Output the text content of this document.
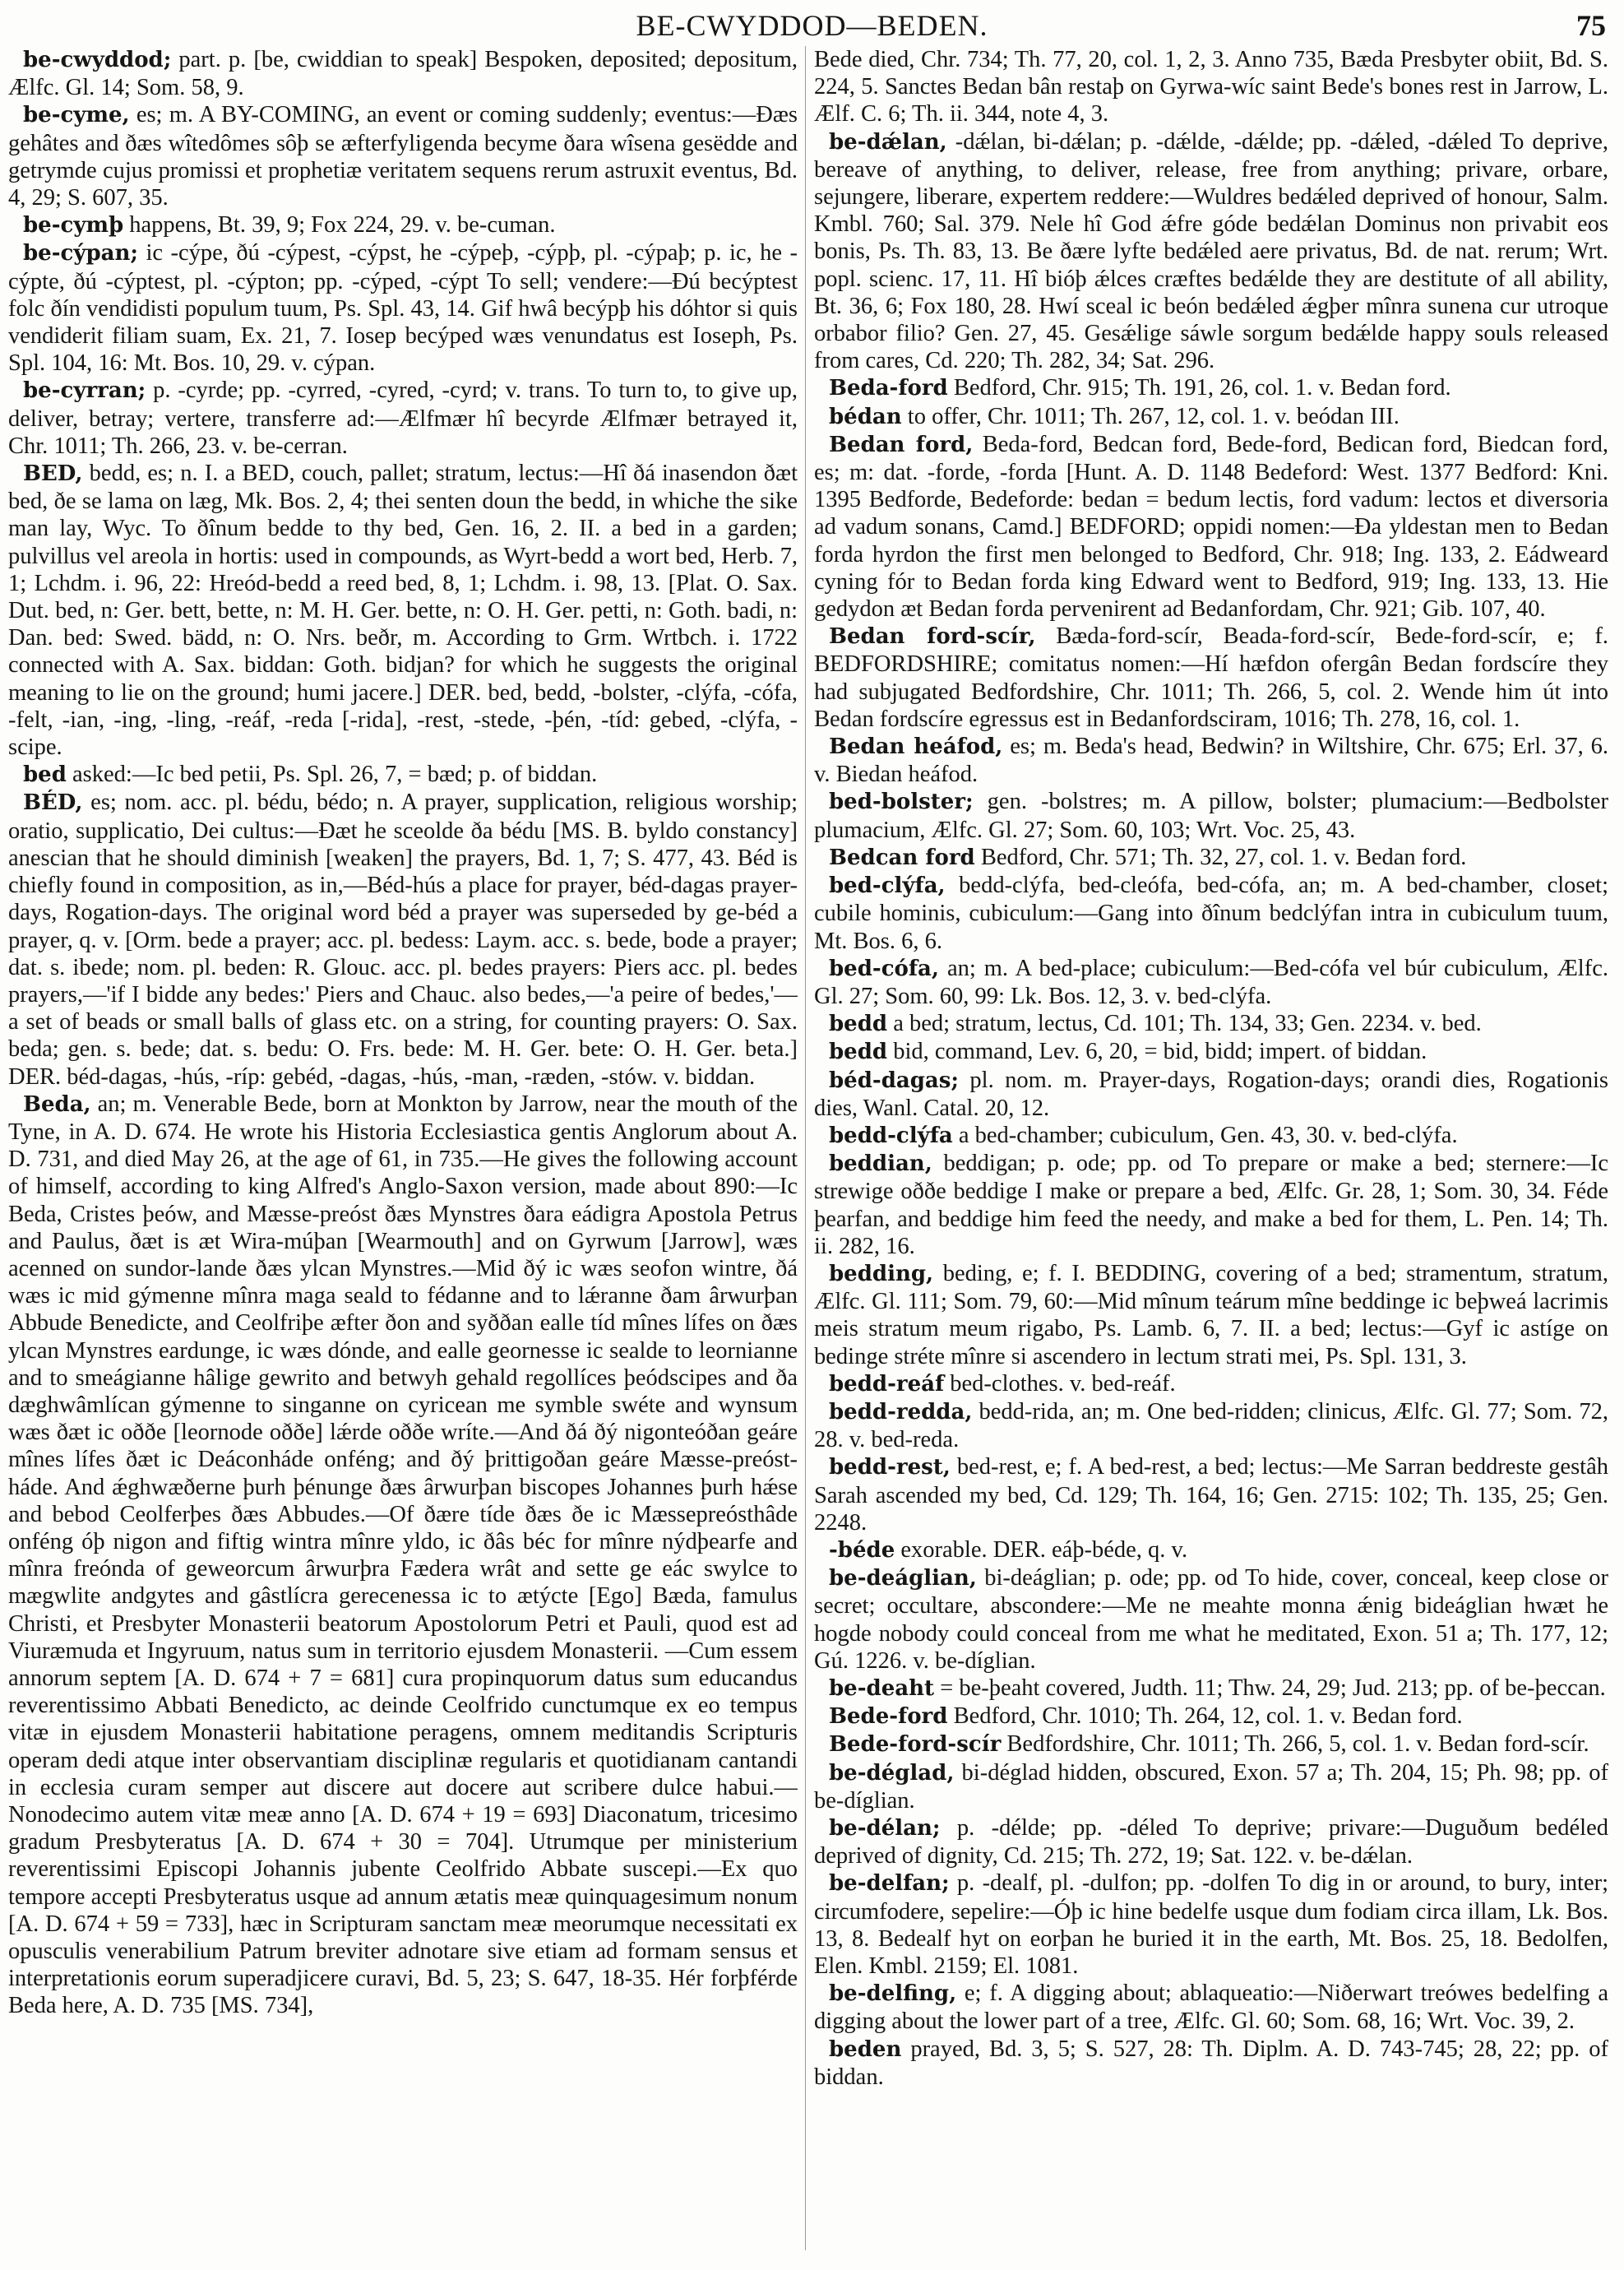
BE-CWYDDOD—BEDEN.	75

be-cwyddod; part. p. [be, cwiddian to speak] Bespoken, deposited; depositum, Ælfc. Gl. 14; Som. 58, 9.

be-cyme, es; m. A BY-COMING, an event or coming suddenly; eventus:—Ðæs gehâtes and ðæs wîtedômes sôþ se æfterfyligenda becyme ðara wîsena gesëdde and getrymde cujus promissi et prophetiæ veritatem sequens rerum astruxit eventus, Bd. 4, 29; S. 607, 35.

be-cymþ happens, Bt. 39, 9; Fox 224, 29. v. be-cuman.

be-cýpan; ic -cýpe, ðú -cýpest, -cýpst, he -cýpeþ, -cýpþ, pl. -cýpaþ; p. ic, he -cýpte, ðú -cýptest, pl. -cýpton; pp. -cýped, -cýpt To sell; vendere:—Ðú becýptest folc ðín vendidisti populum tuum, Ps. Spl. 43, 14. Gif hwâ becýpþ his dóhtor si quis vendiderit filiam suam, Ex. 21, 7. Iosep becýped wæs venundatus est Ioseph, Ps. Spl. 104, 16: Mt. Bos. 10, 29. v. cýpan.

be-cyrran; p. -cyrde; pp. -cyrred, -cyred, -cyrd; v. trans. To turn to, to give up, deliver, betray; vertere, transferre ad:—Ælfmær hî becyrde Ælfmær betrayed it, Chr. 1011; Th. 266, 23. v. be-cerran.

BED, bedd, es; n. I. a BED, couch, pallet; stratum, lectus:—Hî ðá inasendon ðæt bed, ðe se lama on læg, Mk. Bos. 2, 4; thei senten doun the bedd, in whiche the sike man lay, Wyc. To ðînum bedde to thy bed, Gen. 16, 2. II. a bed in a garden; pulvillus vel areola in hortis: used in compounds, as Wyrt-bedd a wort bed, Herb. 7, 1; Lchdm. i. 96, 22: Hreód-bedd a reed bed, 8, 1; Lchdm. i. 98, 13. [Plat. O. Sax. Dut. bed, n: Ger. bett, bette, n: M. H. Ger. bette, n: O. H. Ger. petti, n: Goth. badi, n: Dan. bed: Swed. bädd, n: O. Nrs. beðr, m. According to Grm. Wrtbch. i. 1722 connected with A. Sax. biddan: Goth. bidjan? for which he suggests the original meaning to lie on the ground; humi jacere.] DER. bed, bedd, -bolster, -clýfa, -cófa, -felt, -ian, -ing, -ling, -reáf, -reda [-rida], -rest, -stede, -þén, -tíd: gebed, -clýfa, -scipe.

bed asked:—Ic bed petii, Ps. Spl. 26, 7, = bæd; p. of biddan.

BÉD, es; nom. acc. pl. bédu, bédo; n. A prayer, supplication, religious worship; oratio, supplicatio, Dei cultus:—Ðæt he sceolde ða bédu [MS. B. byldo constancy] anescian that he should diminish [weaken] the prayers, Bd. 1, 7; S. 477, 43. Béd is chiefly found in composition, as in,—Béd-hús a place for prayer, béd-dagas prayer-days, Rogation-days. The original word béd a prayer was superseded by ge-béd a prayer, q. v. [Orm. bede a prayer; acc. pl. bedess: Laym. acc. s. bede, bode a prayer; dat. s. ibede; nom. pl. beden: R. Glouc. acc. pl. bedes prayers: Piers acc. pl. bedes prayers,—'if I bidde any bedes:' Piers and Chauc. also bedes,—'a peire of bedes,'—a set of beads or small balls of glass etc. on a string, for counting prayers: O. Sax. beda; gen. s. bede; dat. s. bedu: O. Frs. bede: M. H. Ger. bete: O. H. Ger. beta.] DER. béd-dagas, -hús, -ríp: gebéd, -dagas, -hús, -man, -ræden, -stów. v. biddan.

Beda, an; m. Venerable Bede, born at Monkton by Jarrow, near the mouth of the Tyne, in A. D. 674. He wrote his Historia Ecclesiastica gentis Anglorum about A. D. 731, and died May 26, at the age of 61, in 735.—He gives the following account of himself, according to king Alfred's Anglo-Saxon version, made about 890:—Ic Beda, Cristes þeów, and Mæsse-preóst ðæs Mynstres ðara eádigra Apostola Petrus and Paulus, ðæt is æt Wira-múþan [Wearmouth] and on Gyrwum [Jarrow], wæs acenned on sundor-lande ðæs ylcan Mynstres.—Mid ðý ic wæs seofon wintre, ðá wæs ic mid gýmenne mînra maga seald to fédanne and to lǽranne ðam ârwurþan Abbude Benedicte, and Ceolfriþe æfter ðon and syððan ealle tíd mînes lífes on ðæs ylcan Mynstres eardunge, ic wæs dónde, and ealle geornesse ic sealde to leornianne and to smeágianne hâlige gewrito and betwyh gehald regollíces þeódscipes and ða dæghwâmlícan gýmenne to singanne on cyricean me symble swéte and wynsum wæs ðæt ic oððe [leornode oððe] lǽrde oððe wríte.—And ðá ðý nigonteóðan geáre mînes lífes ðæt ic Deáconháde onféng; and ðý þrittigoðan geáre Mæsse-preóst-háde. And ǽghwæðerne þurh þénunge ðæs ârwurþan biscopes Johannes þurh hǽse and bebod Ceolferþes ðæs Abbudes.—Of ðære tíde ðæs ðe ic Mæssepreósthâde onféng óþ nigon and fiftig wintra mînre yldo, ic ðâs béc for mînre nýdþearfe and mînra freónda of geweorcum ârwurþra Fædera wrât and sette ge eác swylce to mægwlite andgytes and gâstlícra gerecenessa ic to ætýcte [Ego] Bæda, famulus Christi, et Presbyter Monasterii beatorum Apostolorum Petri et Pauli, quod est ad Viuræmuda et Ingyruum, natus sum in territorio ejusdem Monasterii. —Cum essem annorum septem [A. D. 674 + 7 = 681] cura propinquorum datus sum educandus reverentissimo Abbati Benedicto, ac deinde Ceolfrido cunctumque ex eo tempus vitæ in ejusdem Monasterii habitatione peragens, omnem meditandis Scripturis operam dedi atque inter observantiam disciplinæ regularis et quotidianam cantandi in ecclesia curam semper aut discere aut docere aut scribere dulce habui.—Nonodecimo autem vitæ meæ anno [A. D. 674 + 19 = 693] Diaconatum, tricesimo gradum Presbyteratus [A. D. 674 + 30 = 704]. Utrumque per ministerium reverentissimi Episcopi Johannis jubente Ceolfrido Abbate suscepi.—Ex quo tempore accepti Presbyteratus usque ad annum ætatis meæ quinquagesimum nonum [A. D. 674 + 59 = 733], hæc in Scripturam sanctam meæ meorumque necessitati ex opusculis venerabilium Patrum breviter adnotare sive etiam ad formam sensus et interpretationis eorum superadjicere curavi, Bd. 5, 23; S. 647, 18-35. Hér forþférde Beda here, A. D. 735 [MS. 734],

Bede died, Chr. 734; Th. 77, 20, col. 1, 2, 3. Anno 735, Bæda Presbyter obiit, Bd. S. 224, 5. Sanctes Bedan bân restaþ on Gyrwa-wíc saint Bede's bones rest in Jarrow, L. Ælf. C. 6; Th. ii. 344, note 4, 3.

be-dǽlan, -dǽlan, bi-dǽlan; p. -dǽlde, -dǽlde; pp. -dǽled, -dǽled To deprive, bereave of anything, to deliver, release, free from anything; privare, orbare, sejungere, liberare, expertem reddere:—Wuldres bedǽled deprived of honour, Salm. Kmbl. 760; Sal. 379. Nele hî God ǽfre góde bedǽlan Dominus non privabit eos bonis, Ps. Th. 83, 13. Be ðære lyfte bedǽled aere privatus, Bd. de nat. rerum; Wrt. popl. scienc. 17, 11. Hî bióþ ǽlces cræftes bedǽlde they are destitute of all ability, Bt. 36, 6; Fox 180, 28. Hwí sceal ic beón bedǽled ǽgþer mînra sunena cur utroque orbabor filio? Gen. 27, 45. Gesǽlige sáwle sorgum bedǽlde happy souls released from cares, Cd. 220; Th. 282, 34; Sat. 296.

Beda-ford Bedford, Chr. 915; Th. 191, 26, col. 1. v. Bedan ford.

bédan to offer, Chr. 1011; Th. 267, 12, col. 1. v. beódan III.

Bedan ford, Beda-ford, Bedcan ford, Bede-ford, Bedican ford, Biedcan ford, es; m: dat. -forde, -forda [Hunt. A. D. 1148 Bedeford: West. 1377 Bedford: Kni. 1395 Bedforde, Bedeforde: bedan = bedum lectis, ford vadum: lectos et diversoria ad vadum sonans, Camd.] BEDFORD; oppidi nomen:—Ða yldestan men to Bedan forda hyrdon the first men belonged to Bedford, Chr. 918; Ing. 133, 2. Eádweard cyning fór to Bedan forda king Edward went to Bedford, 919; Ing. 133, 13. Hie gedydon æt Bedan forda pervenirent ad Bedanfordam, Chr. 921; Gib. 107, 40.

Bedan ford-scír, Bæda-ford-scír, Beada-ford-scír, Bede-ford-scír, e; f. BEDFORDSHIRE; comitatus nomen:—Hí hæfdon ofergân Bedan fordscíre they had subjugated Bedfordshire, Chr. 1011; Th. 266, 5, col. 2. Wende him út into Bedan fordscíre egressus est in Bedanfordsciram, 1016; Th. 278, 16, col. 1.

Bedan heáfod, es; m. Beda's head, Bedwin? in Wiltshire, Chr. 675; Erl. 37, 6. v. Biedan heáfod.

bed-bolster; gen. -bolstres; m. A pillow, bolster; plumacium:—Bedbolster plumacium, Ælfc. Gl. 27; Som. 60, 103; Wrt. Voc. 25, 43.

Bedcan ford Bedford, Chr. 571; Th. 32, 27, col. 1. v. Bedan ford.

bed-clýfa, bedd-clýfa, bed-cleófa, bed-cófa, an; m. A bed-chamber, closet; cubile hominis, cubiculum:—Gang into ðînum bedclýfan intra in cubiculum tuum, Mt. Bos. 6, 6.

bed-cófa, an; m. A bed-place; cubiculum:—Bed-cófa vel búr cubiculum, Ælfc. Gl. 27; Som. 60, 99: Lk. Bos. 12, 3. v. bed-clýfa.

bedd a bed; stratum, lectus, Cd. 101; Th. 134, 33; Gen. 2234. v. bed.

bedd bid, command, Lev. 6, 20, = bid, bidd; impert. of biddan.

béd-dagas; pl. nom. m. Prayer-days, Rogation-days; orandi dies, Rogationis dies, Wanl. Catal. 20, 12.

bedd-clýfa a bed-chamber; cubiculum, Gen. 43, 30. v. bed-clýfa.

beddian, beddigan; p. ode; pp. od To prepare or make a bed; sternere:—Ic strewige oððe beddige I make or prepare a bed, Ælfc. Gr. 28, 1; Som. 30, 34. Féde þearfan, and beddige him feed the needy, and make a bed for them, L. Pen. 14; Th. ii. 282, 16.

bedding, beding, e; f. I. BEDDING, covering of a bed; stramentum, stratum, Ælfc. Gl. 111; Som. 79, 60:—Mid mînum teárum mîne beddinge ic beþweá lacrimis meis stratum meum rigabo, Ps. Lamb. 6, 7. II. a bed; lectus:—Gyf ic astíge on bedinge stréte mînre si ascendero in lectum strati mei, Ps. Spl. 131, 3.

bedd-reáf bed-clothes. v. bed-reáf.

bedd-redda, bedd-rida, an; m. One bed-ridden; clinicus, Ælfc. Gl. 77; Som. 72, 28. v. bed-reda.

bedd-rest, bed-rest, e; f. A bed-rest, a bed; lectus:—Me Sarran beddreste gestâh Sarah ascended my bed, Cd. 129; Th. 164, 16; Gen. 2715: 102; Th. 135, 25; Gen. 2248.

-béde exorable. DER. eáþ-béde, q. v.

be-deáglian, bi-deáglian; p. ode; pp. od To hide, cover, conceal, keep close or secret; occultare, abscondere:—Me ne meahte monna ǽnig bideáglian hwæt he hogde nobody could conceal from me what he meditated, Exon. 51 a; Th. 177, 12; Gú. 1226. v. be-díglian.

be-deaht = be-þeaht covered, Judth. 11; Thw. 24, 29; Jud. 213; pp. of be-þeccan.

Bede-ford Bedford, Chr. 1010; Th. 264, 12, col. 1. v. Bedan ford.

Bede-ford-scír Bedfordshire, Chr. 1011; Th. 266, 5, col. 1. v. Bedan ford-scír.

be-déglad, bi-déglad hidden, obscured, Exon. 57 a; Th. 204, 15; Ph. 98; pp. of be-díglian.

be-délan; p. -délde; pp. -déled To deprive; privare:—Duguðum bedéled deprived of dignity, Cd. 215; Th. 272, 19; Sat. 122. v. be-dǽlan.

be-delfan; p. -dealf, pl. -dulfon; pp. -dolfen To dig in or around, to bury, inter; circumfodere, sepelire:—Óþ ic hine bedelfe usque dum fodiam circa illam, Lk. Bos. 13, 8. Bedealf hyt on eorþan he buried it in the earth, Mt. Bos. 25, 18. Bedolfen, Elen. Kmbl. 2159; El. 1081.

be-delfing, e; f. A digging about; ablaqueatio:—Niðerwart treówes bedelfing a digging about the lower part of a tree, Ælfc. Gl. 60; Som. 68, 16; Wrt. Voc. 39, 2.

beden prayed, Bd. 3, 5; S. 527, 28: Th. Diplm. A. D. 743-745; 28, 22; pp. of biddan.
